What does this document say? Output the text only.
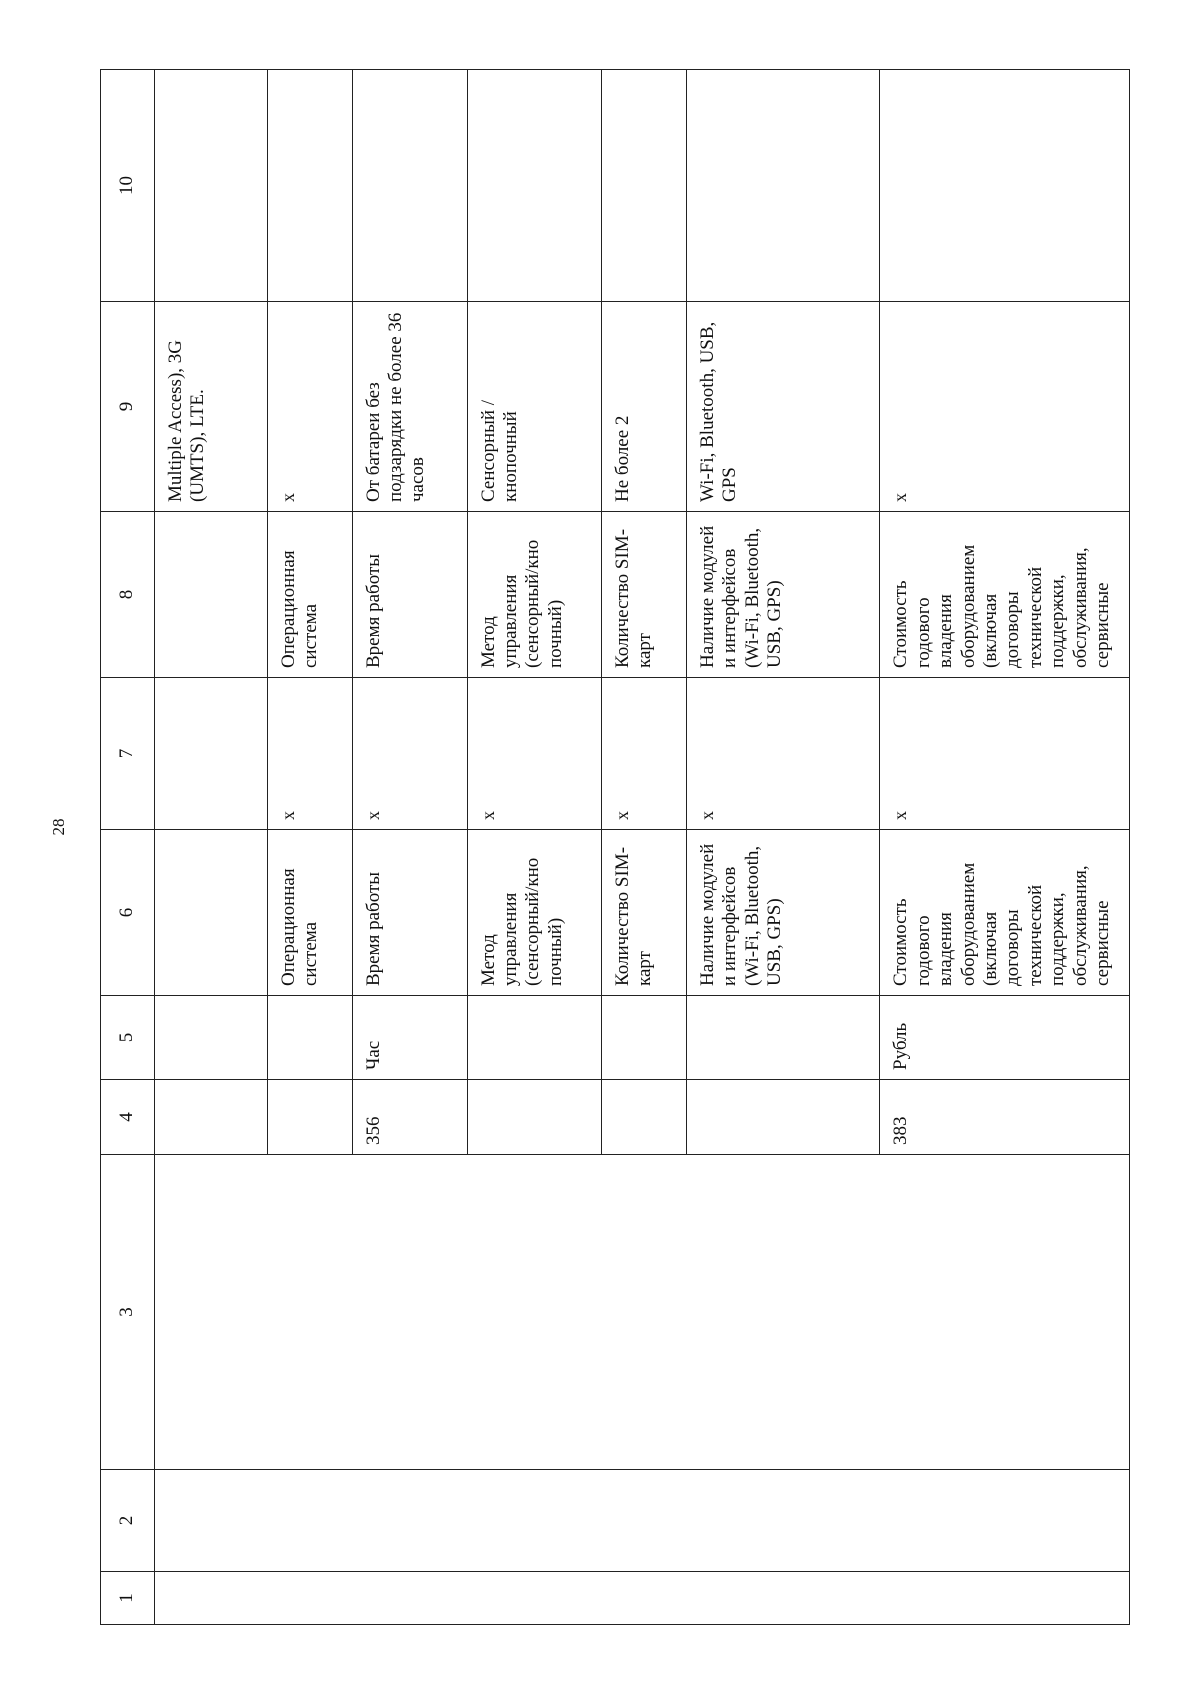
28
1	2	3	4	5	6	7	8	9	10
								Multiple Access), 3G (UMTS), LTE.	
					Операционная система	x	Операционная система	x	
			356	Час	Время работы	x	Время работы	От батареи без подзарядки не более 36 часов	
					Метод управления (сенсорный/кно почный)	x	Метод управления (сенсорный/кно почный)	Сенсорный / кнопочный	
					Количество SIM-карт	x	Количество SIM-карт	Не более 2	
					Наличие модулей и интерфейсов (Wi-Fi, Bluetooth, USB, GPS)	x	Наличие модулей и интерфейсов (Wi-Fi, Bluetooth, USB, GPS)	Wi-Fi, Bluetooth, USB, GPS	
			383	Рубль	Стоимость годового владения оборудованием (включая договоры технической поддержки, обслуживания, сервисные	x	Стоимость годового владения оборудованием (включая договоры технической поддержки, обслуживания, сервисные	x	
